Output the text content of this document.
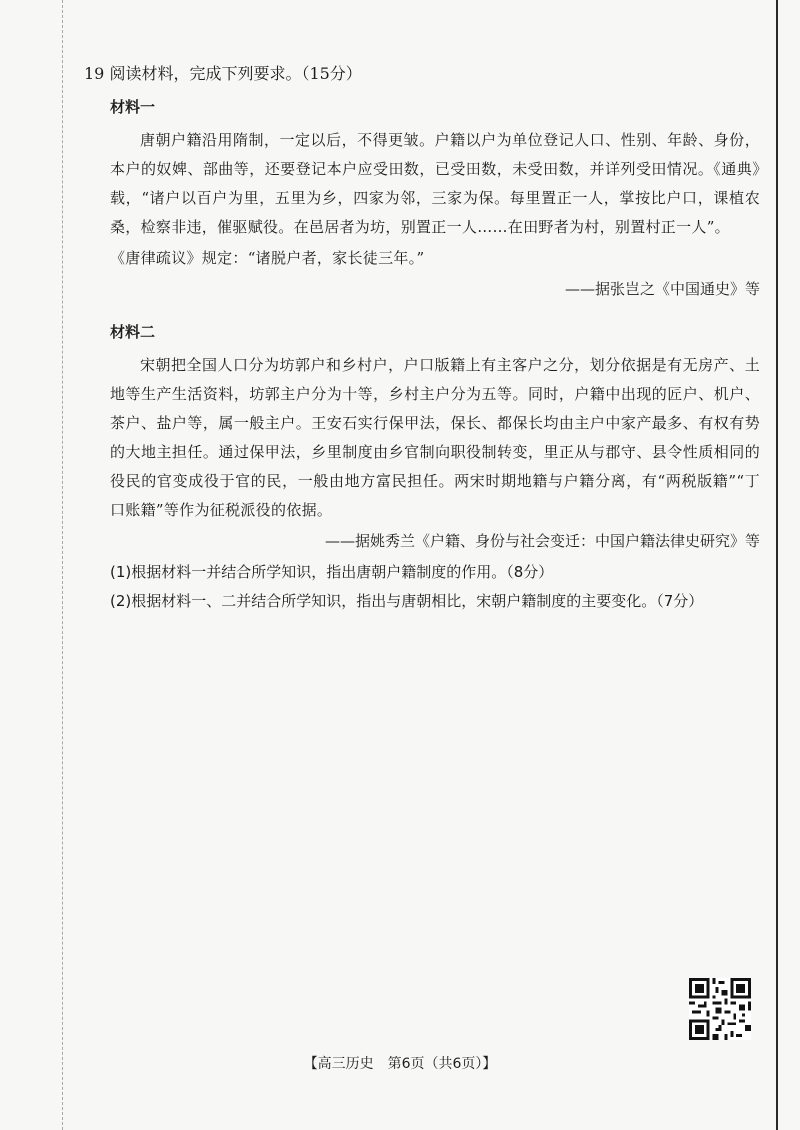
19 阅读材料，完成下列要求。（15分）
材料一
唐朝户籍沿用隋制，一定以后，不得更皱。户籍以户为单位登记人口、性别、年龄、身份，本户的奴婢、部曲等，还要登记本户应受田数，已受田数，未受田数，并详列受田情况。《通典》载，“诸户以百户为里，五里为乡，四家为邻，三家为保。每里置正一人，掌按比户口，课植农桑，检察非违，催驱赋役。在邑居者为坊，别置正一人……在田野者为村，别置村正一人”。
《唐律疏议》规定：“诸脱户者，家长徒三年。”
——据张岂之《中国通史》等
材料二
宋朝把全国人口分为坊郭户和乡村户，户口版籍上有主客户之分，划分依据是有无房产、土地等生产生活资料，坊郭主户分为十等，乡村主户分为五等。同时，户籍中出现的匠户、机户、茶户、盐户等，属一般主户。王安石实行保甲法，保长、都保长均由主户中家产最多、有权有势的大地主担任。通过保甲法，乡里制度由乡官制向职役制转变，里正从与郡守、县令性质相同的役民的官变成役于官的民，一般由地方富民担任。两宋时期地籍与户籍分离，有“两税版籍”“丁口账籍”等作为征税派役的依据。
——据姚秀兰《户籍、身份与社会变迁：中国户籍法律史研究》等
(1)根据材料一并结合所学知识，指出唐朝户籍制度的作用。（8分）
(2)根据材料一、二并结合所学知识，指出与唐朝相比，宋朝户籍制度的主要变化。（7分）
【高三历史　第6页（共6页）】
